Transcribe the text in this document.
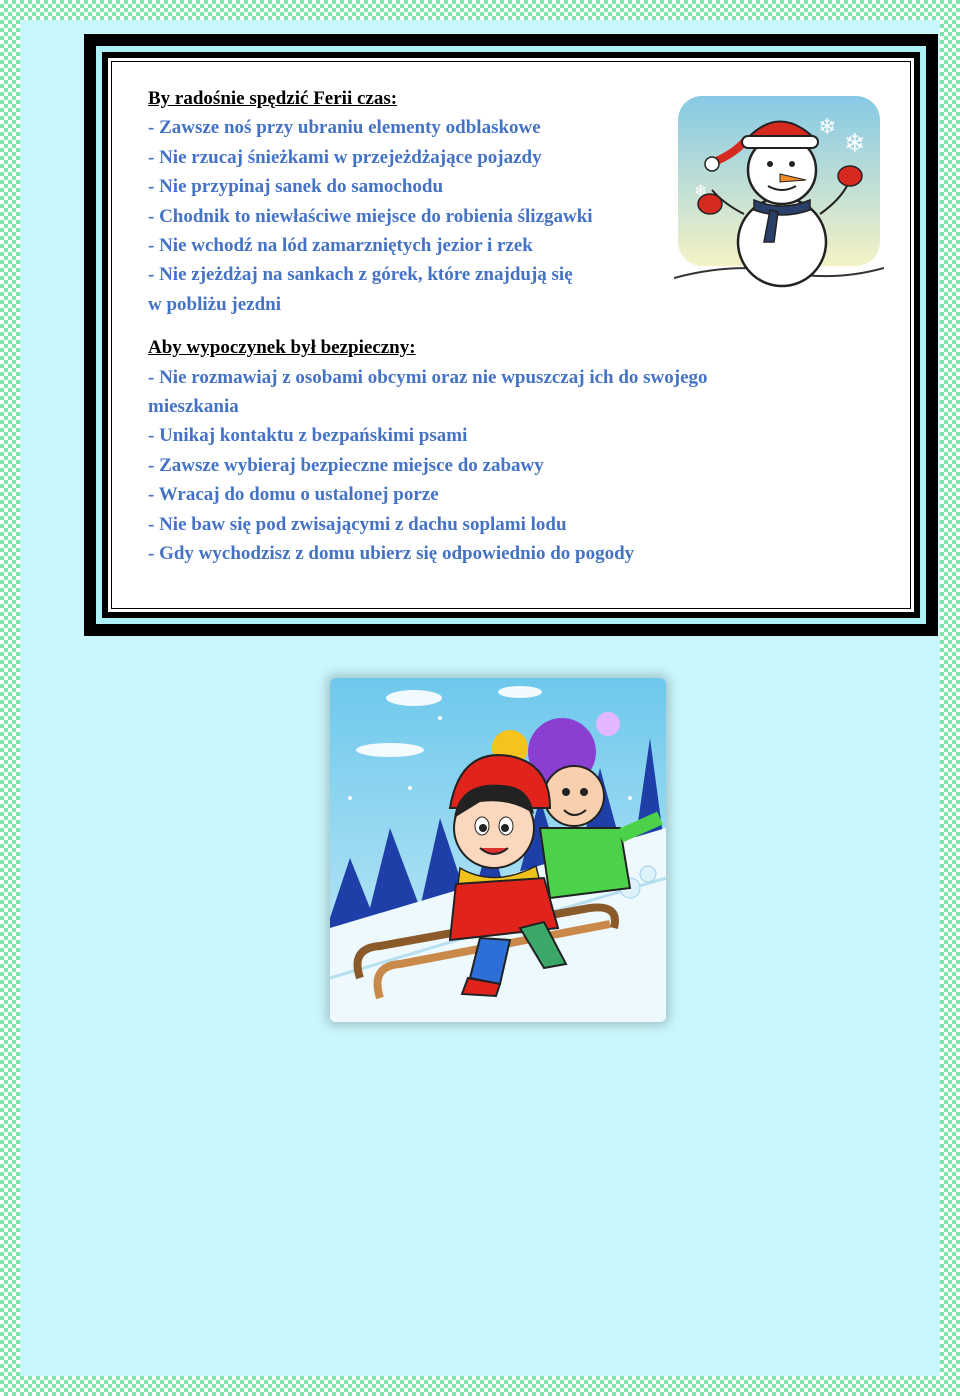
By radośnie spędzić Ferii czas:

- Zawsze noś przy ubraniu elementy odblaskowe
- Nie rzucaj śnieżkami w przejeżdżające pojazdy
- Nie przypinaj sanek do samochodu
- Chodnik to niewłaściwe miejsce do robienia ślizgawki
- Nie wchodź na lód zamarzniętych jezior i rzek
- Nie zjeżdżaj na sankach z górek, które znajdują się
w pobliżu jezdni

Aby wypoczynek był bezpieczny:

- Nie rozmawiaj z osobami obcymi oraz nie wpuszczaj ich do swojego
mieszkania
- Unikaj kontaktu z bezpańskimi psami
- Zawsze wybieraj bezpieczne miejsce do zabawy
- Wracaj do domu o ustalonej porze
- Nie baw się pod zwisającymi z dachu soplami lodu
- Gdy wychodzisz z domu ubierz się odpowiednio do pogody
❄
❄
❄
